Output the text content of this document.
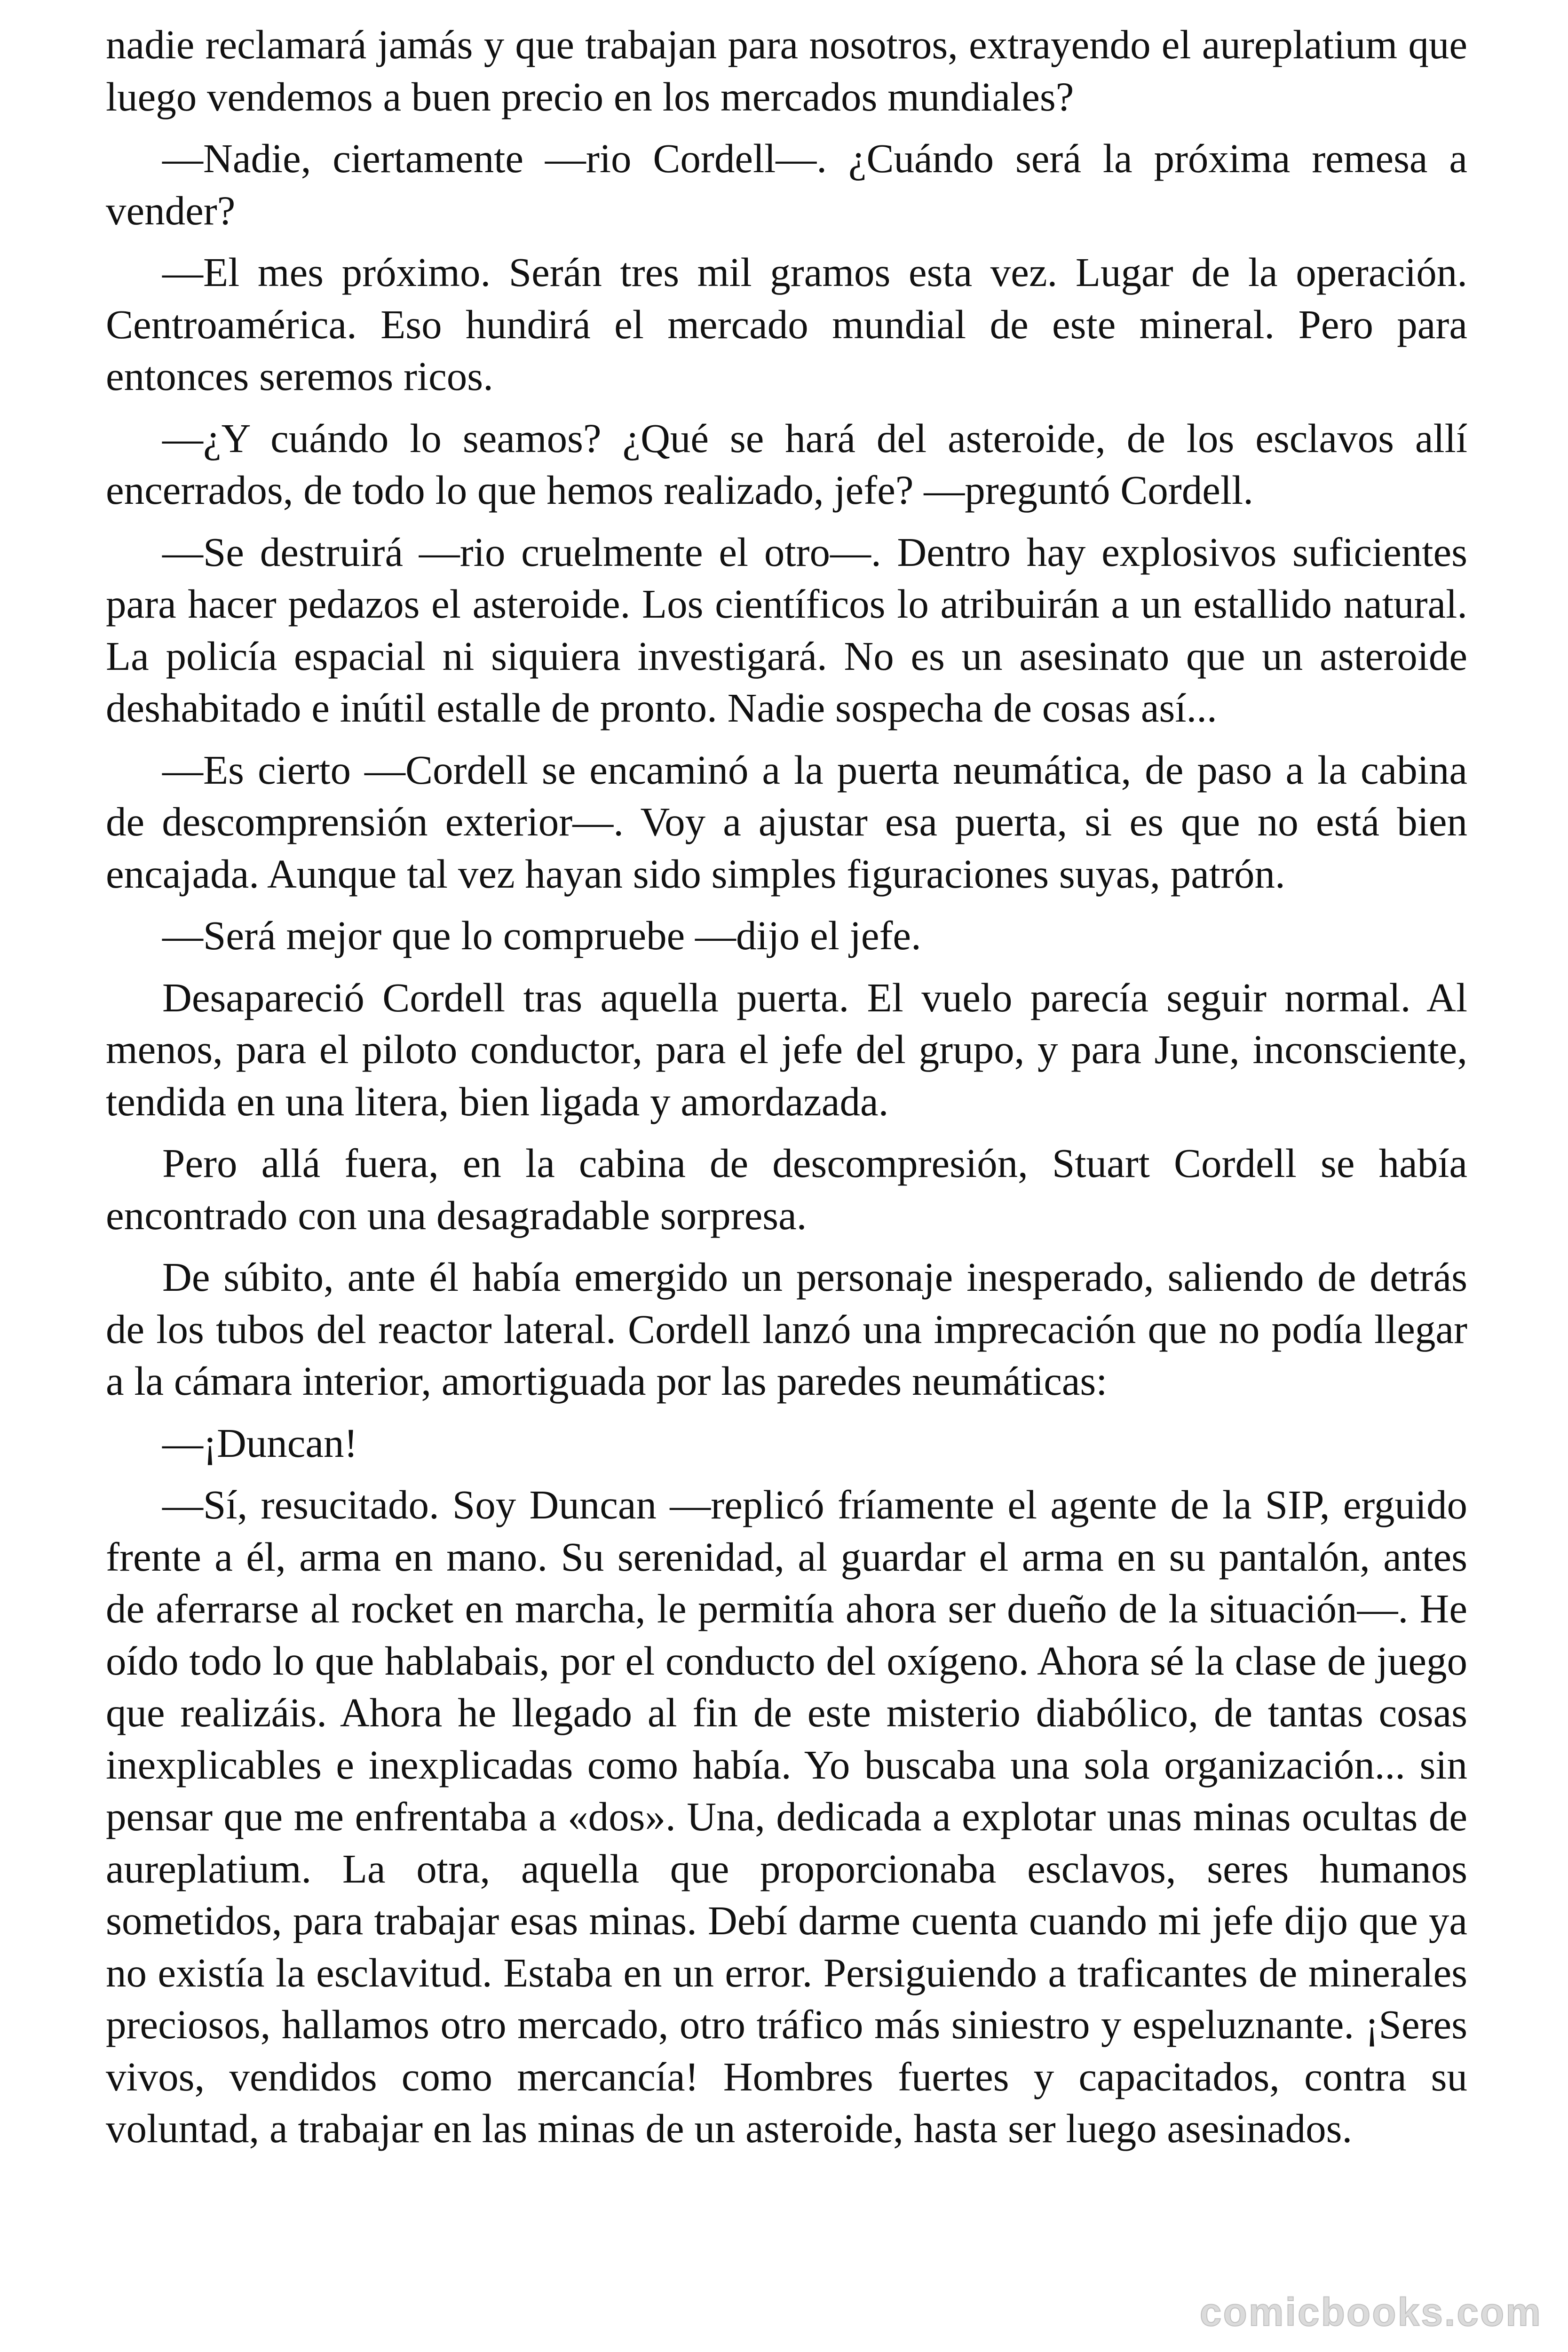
nadie reclamará jamás y que trabajan para nosotros, extrayendo el aureplatium que luego vendemos a buen precio en los mercados mundiales?

—Nadie, ciertamente —rio Cordell—. ¿Cuándo será la próxima remesa a vender?

—El mes próximo. Serán tres mil gramos esta vez. Lugar de la operación. Centroamérica. Eso hundirá el mercado mundial de este mineral. Pero para entonces seremos ricos.

—¿Y cuándo lo seamos? ¿Qué se hará del asteroide, de los esclavos allí encerrados, de todo lo que hemos realizado, jefe? —preguntó Cordell.

—Se destruirá —rio cruelmente el otro—. Dentro hay explosivos suficientes para hacer pedazos el asteroide. Los científicos lo atribuirán a un estallido natural. La policía espacial ni siquiera investigará. No es un asesinato que un asteroide deshabitado e inútil estalle de pronto. Nadie sospecha de cosas así...

—Es cierto —Cordell se encaminó a la puerta neumática, de paso a la cabina de descomprensión exterior—. Voy a ajustar esa puerta, si es que no está bien encajada. Aunque tal vez hayan sido simples figuraciones suyas, patrón.

—Será mejor que lo compruebe —dijo el jefe.

Desapareció Cordell tras aquella puerta. El vuelo parecía seguir normal. Al menos, para el piloto conductor, para el jefe del grupo, y para June, inconsciente, tendida en una litera, bien ligada y amordazada.

Pero allá fuera, en la cabina de descompresión, Stuart Cordell se había encontrado con una desagradable sorpresa.

De súbito, ante él había emergido un personaje inesperado, saliendo de detrás de los tubos del reactor lateral. Cordell lanzó una imprecación que no podía llegar a la cámara interior, amortiguada por las paredes neumáticas:

—¡Duncan!

—Sí, resucitado. Soy Duncan —replicó fríamente el agente de la SIP, erguido frente a él, arma en mano. Su serenidad, al guardar el arma en su pantalón, antes de aferrarse al rocket en marcha, le permitía ahora ser dueño de la situación—. He oído todo lo que hablabais, por el conducto del oxígeno. Ahora sé la clase de juego que realizáis. Ahora he llegado al fin de este misterio diabólico, de tantas cosas inexplicables e inexplicadas como había. Yo buscaba una sola organización... sin pensar que me enfrentaba a «dos». Una, dedicada a explotar unas minas ocultas de aureplatium. La otra, aquella que proporcionaba esclavos, seres humanos sometidos, para trabajar esas minas. Debí darme cuenta cuando mi jefe dijo que ya no existía la esclavitud. Estaba en un error. Persiguiendo a traficantes de minerales preciosos, hallamos otro mercado, otro tráfico más siniestro y espeluznante. ¡Seres vivos, vendidos como mercancía! Hombres fuertes y capacitados, contra su voluntad, a trabajar en las minas de un asteroide, hasta ser luego asesinados.

comicbooks.com
